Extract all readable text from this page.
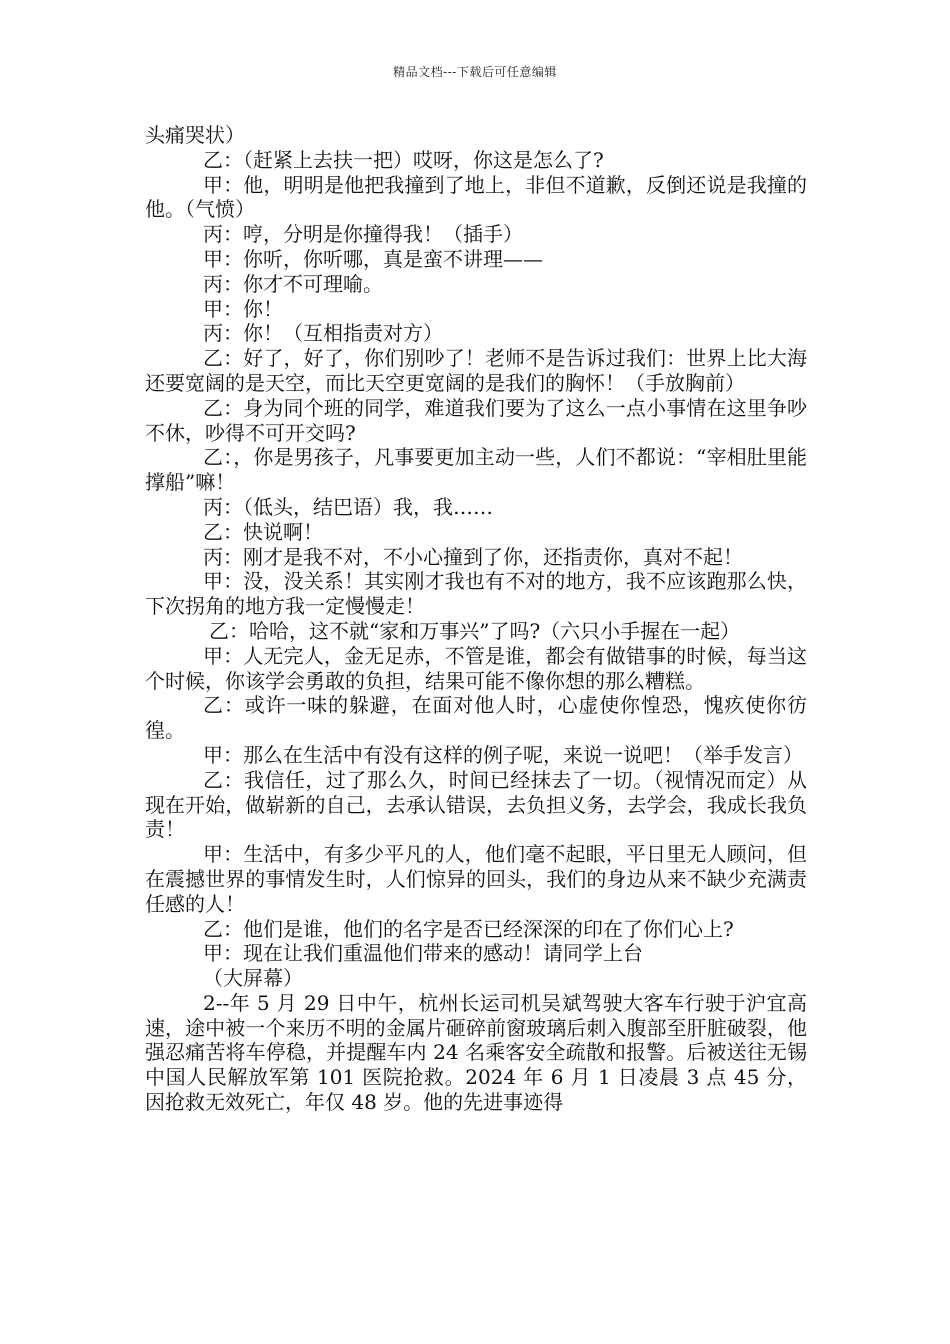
精品文档---下载后可任意编辑

头痛哭状）

乙：（赶紧上去扶一把）哎呀，你这是怎么了?

甲：他，明明是他把我撞到了地上，非但不道歉，反倒还说是我撞的他。（气愤）

丙：哼，分明是你撞得我！（插手）

甲：你听，你听哪，真是蛮不讲理——

丙：你才不可理喻。

甲：你！

丙：你！（互相指责对方）

乙：好了，好了，你们别吵了！老师不是告诉过我们：世界上比大海还要宽阔的是天空，而比天空更宽阔的是我们的胸怀！（手放胸前）

乙：身为同个班的同学，难道我们要为了这么一点小事情在这里争吵不休，吵得不可开交吗?

乙：，你是男孩子，凡事要更加主动一些，人们不都说：“宰相肚里能撑船”嘛！

丙：（低头，结巴语）我，我……

乙：快说啊！

丙：刚才是我不对，不小心撞到了你，还指责你，真对不起！

甲：没，没关系！其实刚才我也有不对的地方，我不应该跑那么快，下次拐角的地方我一定慢慢走！

乙：哈哈，这不就“家和万事兴”了吗?（六只小手握在一起）

甲：人无完人，金无足赤，不管是谁，都会有做错事的时候，每当这个时候，你该学会勇敢的负担，结果可能不像你想的那么糟糕。

乙：或许一味的躲避，在面对他人时，心虚使你惶恐，愧疚使你彷徨。

甲：那么在生活中有没有这样的例子呢，来说一说吧！（举手发言）

乙：我信任，过了那么久，时间已经抹去了一切。（视情况而定）从现在开始，做崭新的自己，去承认错误，去负担义务，去学会，我成长我负责！

甲：生活中，有多少平凡的人，他们毫不起眼，平日里无人顾问，但在震撼世界的事情发生时，人们惊异的回头，我们的身边从来不缺少充满责任感的人！

乙：他们是谁，他们的名字是否已经深深的印在了你们心上?

甲：现在让我们重温他们带来的感动！请同学上台

（大屏幕）

2--年 5 月 29 日中午，杭州长运司机吴斌驾驶大客车行驶于沪宜高速，途中被一个来历不明的金属片砸碎前窗玻璃后刺入腹部至肝脏破裂，他强忍痛苦将车停稳，并提醒车内 24 名乘客安全疏散和报警。后被送往无锡中国人民解放军第 101 医院抢救。2024 年 6 月 1 日凌晨 3 点 45 分，因抢救无效死亡，年仅 48 岁。他的先进事迹得
